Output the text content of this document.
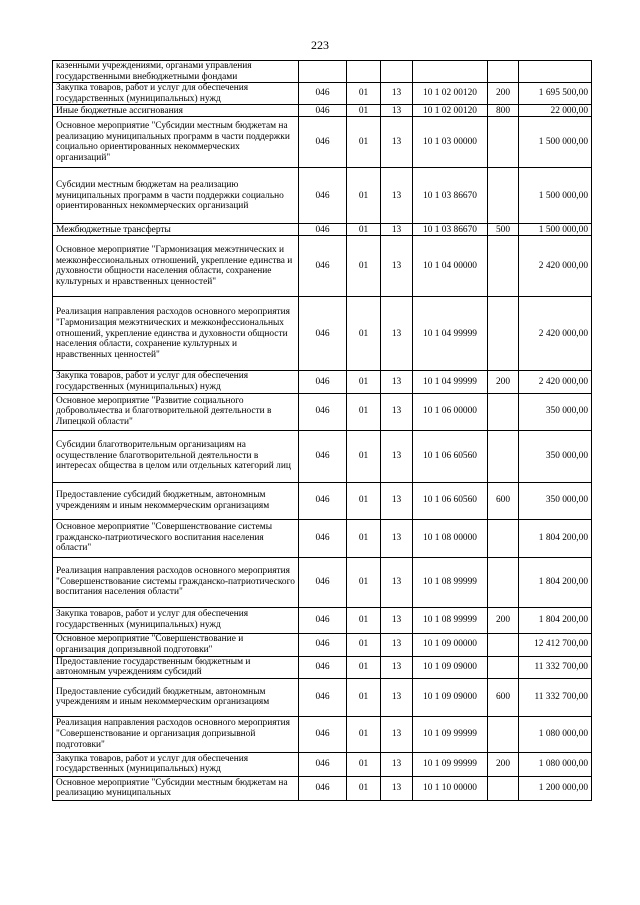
223
казенными учреждениями, органами управления государственными внебюджетными фондами						
Закупка товаров, работ и услуг для обеспечения государственных (муниципальных) нужд	046	01	13	10 1 02 00120	200	1 695 500,00
Иные бюджетные ассигнования	046	01	13	10 1 02 00120	800	22 000,00
Основное мероприятие "Субсидии местным бюджетам на реализацию муниципальных программ в части поддержки социально ориентированных некоммерческих организаций"	046	01	13	10 1 03 00000		1 500 000,00
Субсидии местным бюджетам на реализацию муниципальных программ в части поддержки социально ориентированных некоммерческих организаций	046	01	13	10 1 03 86670		1 500 000,00
Межбюджетные трансферты	046	01	13	10 1 03 86670	500	1 500 000,00
Основное мероприятие "Гармонизация межэтнических и межконфессиональных отношений, укрепление единства и духовности общности населения области, сохранение культурных и нравственных ценностей"	046	01	13	10 1 04 00000		2 420 000,00
Реализация направления расходов основного мероприятия "Гармонизация межэтнических и межконфессиональных отношений, укрепление единства и духовности общности населения области, сохранение культурных и нравственных ценностей"	046	01	13	10 1 04 99999		2 420 000,00
Закупка товаров, работ и услуг для обеспечения государственных (муниципальных) нужд	046	01	13	10 1 04 99999	200	2 420 000,00
Основное мероприятие "Развитие социального добровольчества и благотворительной деятельности в Липецкой области"	046	01	13	10 1 06 00000		350 000,00
Субсидии благотворительным организациям на осуществление благотворительной деятельности в интересах общества в целом или отдельных категорий лиц	046	01	13	10 1 06 60560		350 000,00
Предоставление субсидий бюджетным, автономным учреждениям и иным некоммерческим организациям	046	01	13	10 1 06 60560	600	350 000,00
Основное мероприятие "Совершенствование системы гражданско-патриотического воспитания населения области"	046	01	13	10 1 08 00000		1 804 200,00
Реализация направления расходов основного мероприятия "Совершенствование системы гражданско-патриотического воспитания населения области"	046	01	13	10 1 08 99999		1 804 200,00
Закупка товаров, работ и услуг для обеспечения государственных (муниципальных) нужд	046	01	13	10 1 08 99999	200	1 804 200,00
Основное мероприятие "Совершенствование и организация допризывной подготовки"	046	01	13	10 1 09 00000		12 412 700,00
Предоставление государственным бюджетным и автономным учреждениям субсидий	046	01	13	10 1 09 09000		11 332 700,00
Предоставление субсидий бюджетным, автономным учреждениям и иным некоммерческим организациям	046	01	13	10 1 09 09000	600	11 332 700,00
Реализация направления расходов основного мероприятия "Совершенствование и организация допризывной подготовки"	046	01	13	10 1 09 99999		1 080 000,00
Закупка товаров, работ и услуг для обеспечения государственных (муниципальных) нужд	046	01	13	10 1 09 99999	200	1 080 000,00
Основное мероприятие "Субсидии местным бюджетам на реализацию муниципальных	046	01	13	10 1 10 00000		1 200 000,00
